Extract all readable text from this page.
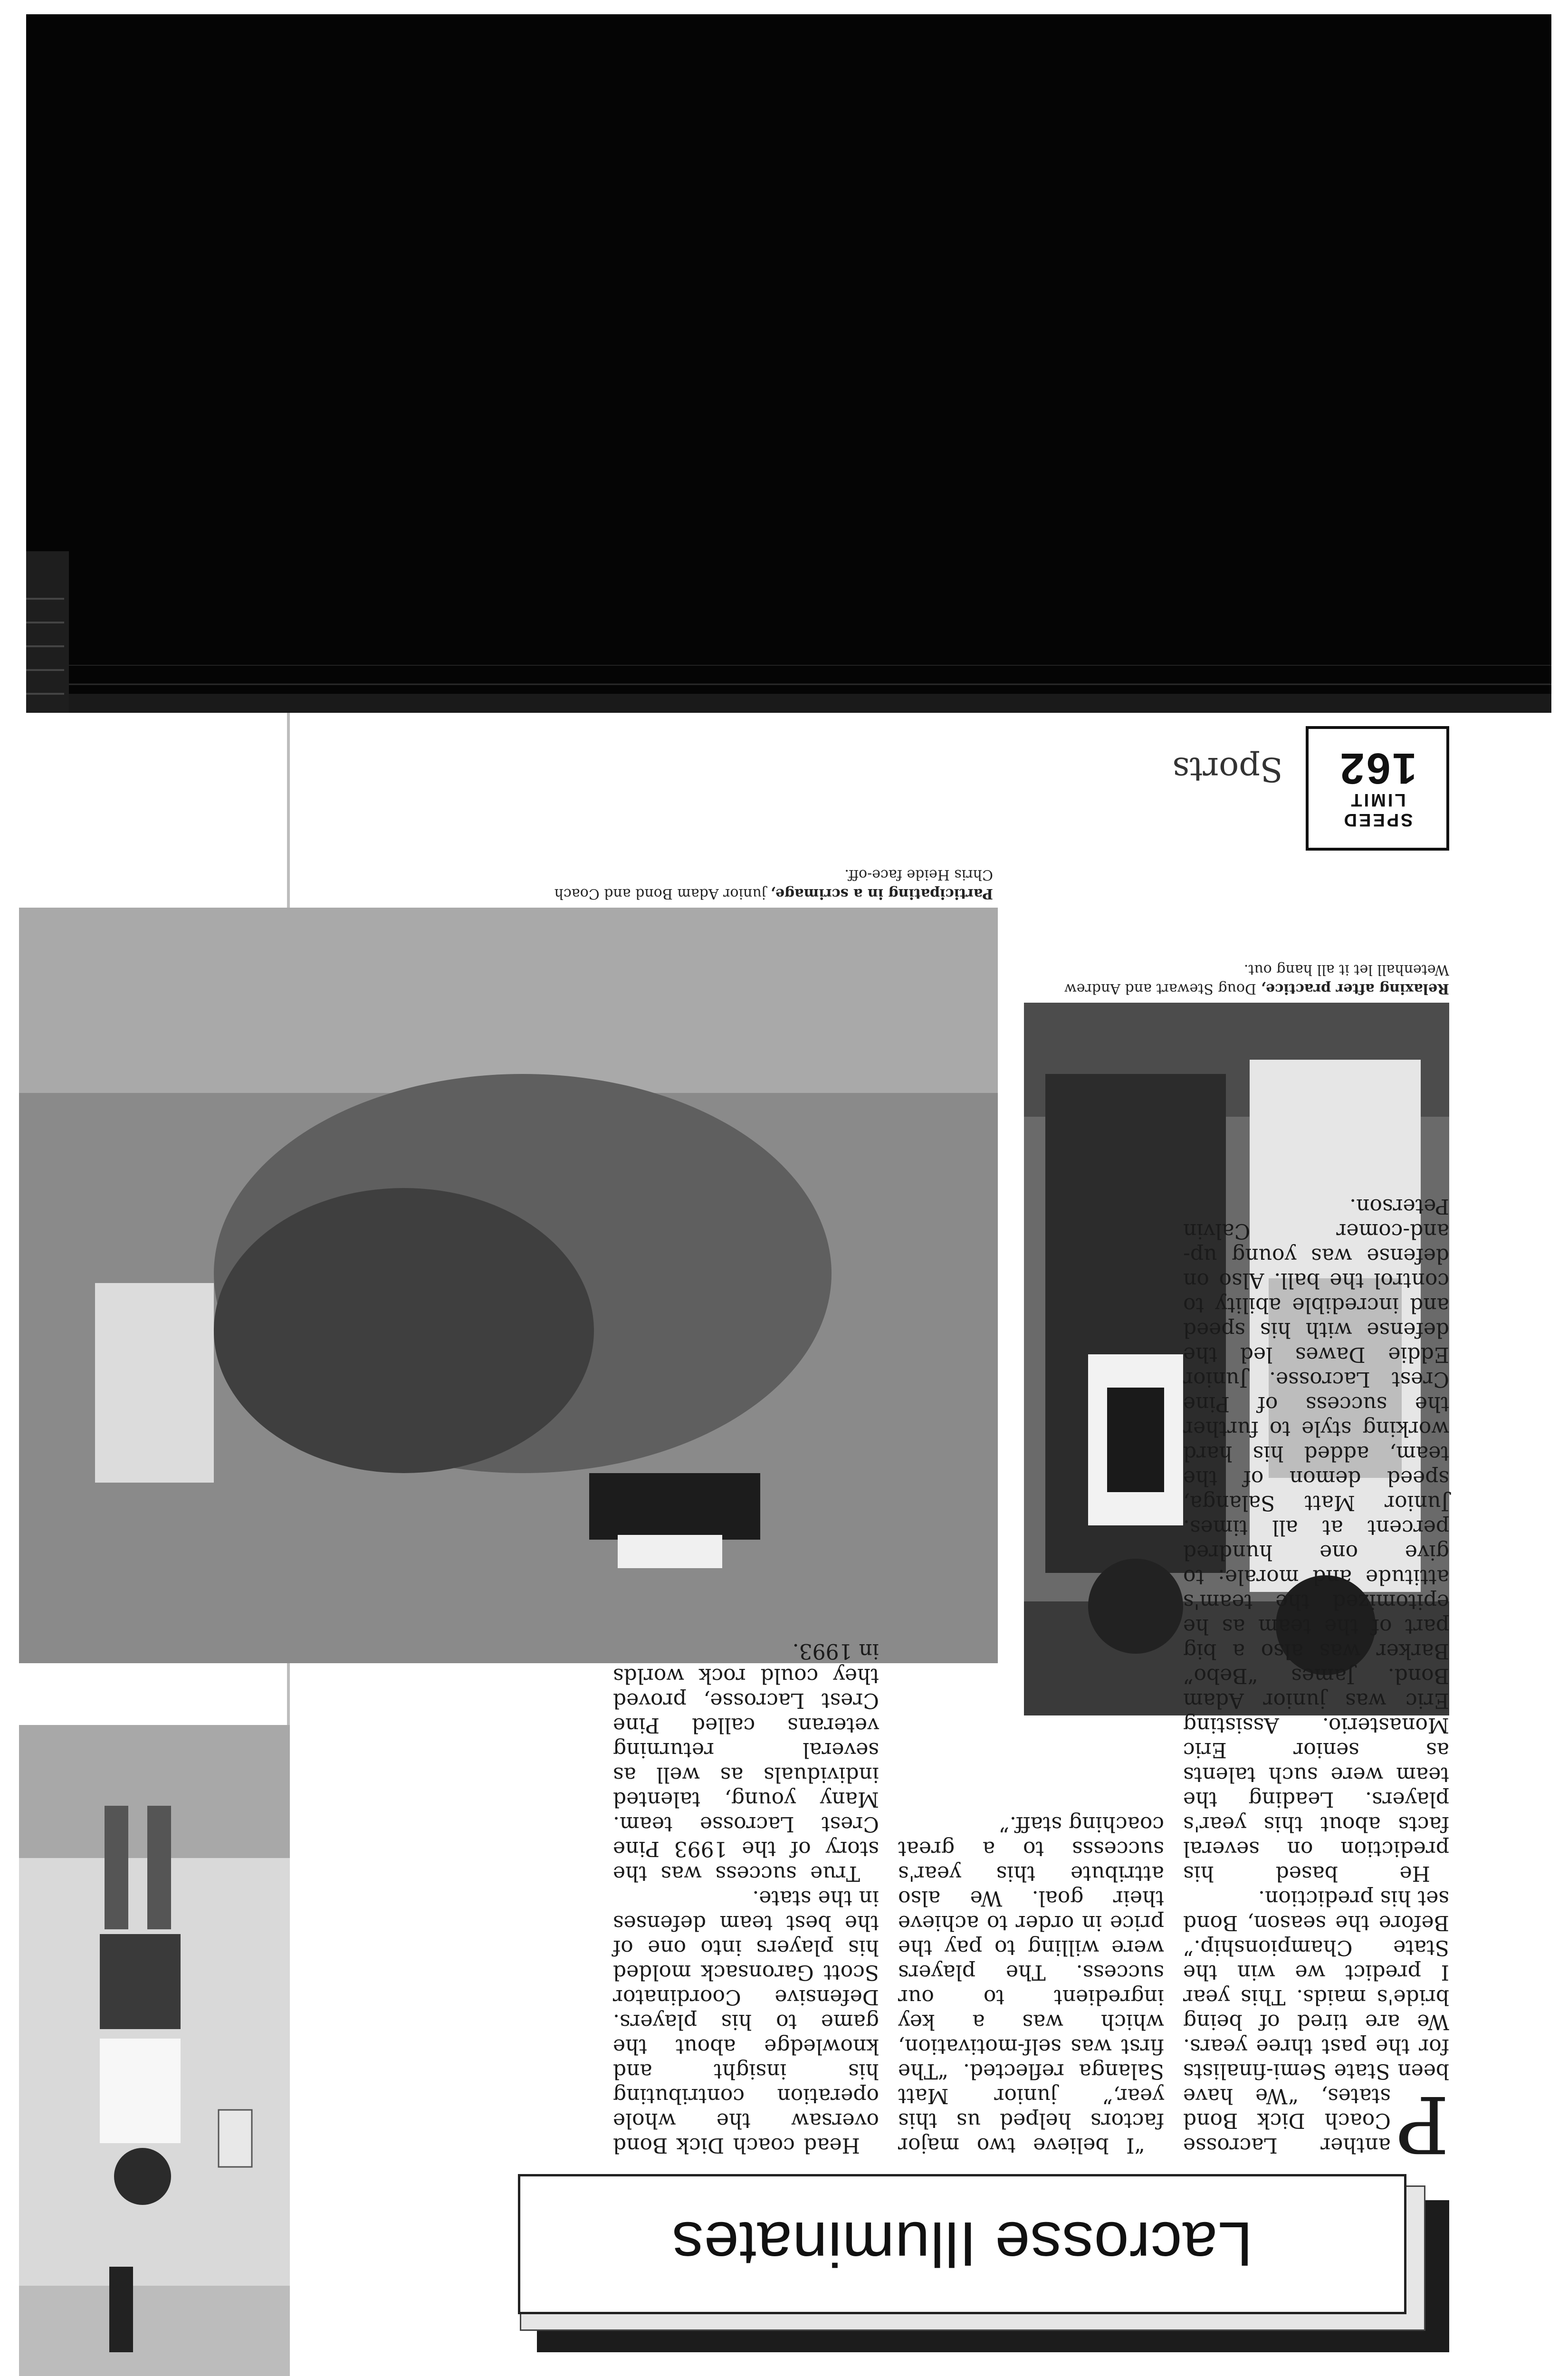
SPEED
LIMIT
162
Sports
Relaxing after practice, Doug Stewart and Andrew Wetenhall let it all hang out.
Participating in a scrimage, junior Adam Bond and Coach Chris Heide face-off.
Lacrosse Illuminates
P

anther Lacrosse Coach Dick Bond states, “We have been State Semi-finalists for the past three years. We are tired of being bride's maids. This year I predict we win the State Championship.” Before the season, Bond set his prediction.

He based his prediction on several facts about this year's players. Leading the team were such talents as senior Eric Monasterio. Assisting Eric was junior Adam Bond. James “Bebo” Barker was also a big part of the team as he epitomized the team's attitude and morale: to give one hundred percent at all times. Junior Matt Salanga, speed demon of the team, added his hard working style to further the success of Pine Crest Lacrosse. Junior Eddie Dawes led the defense with his speed and incredible ability to control the ball. Also on defense was young up-and-comer Calvin Peterson.

“I believe two major factors helped us this year,” junior Matt Salanga reflected. “The first was self-motivation, which was a key ingredient to our success. The players were willing to pay the price in order to achieve their goal. We also attribute this year's successs to a great coaching staff.”

Head coach Dick Bond oversaw the whole operation contributing his insight and knowledge about the game to his players. Defensive Coordinator Scott Garonsack molded his players into one of the best team defenses in the state.

True success was the story of the 1993 Pine Crest Lacrosse team. Many young, talented individuals as well as several returning veterans called Pine Crest Lacrosse, proved they could rock worlds in 1993.
